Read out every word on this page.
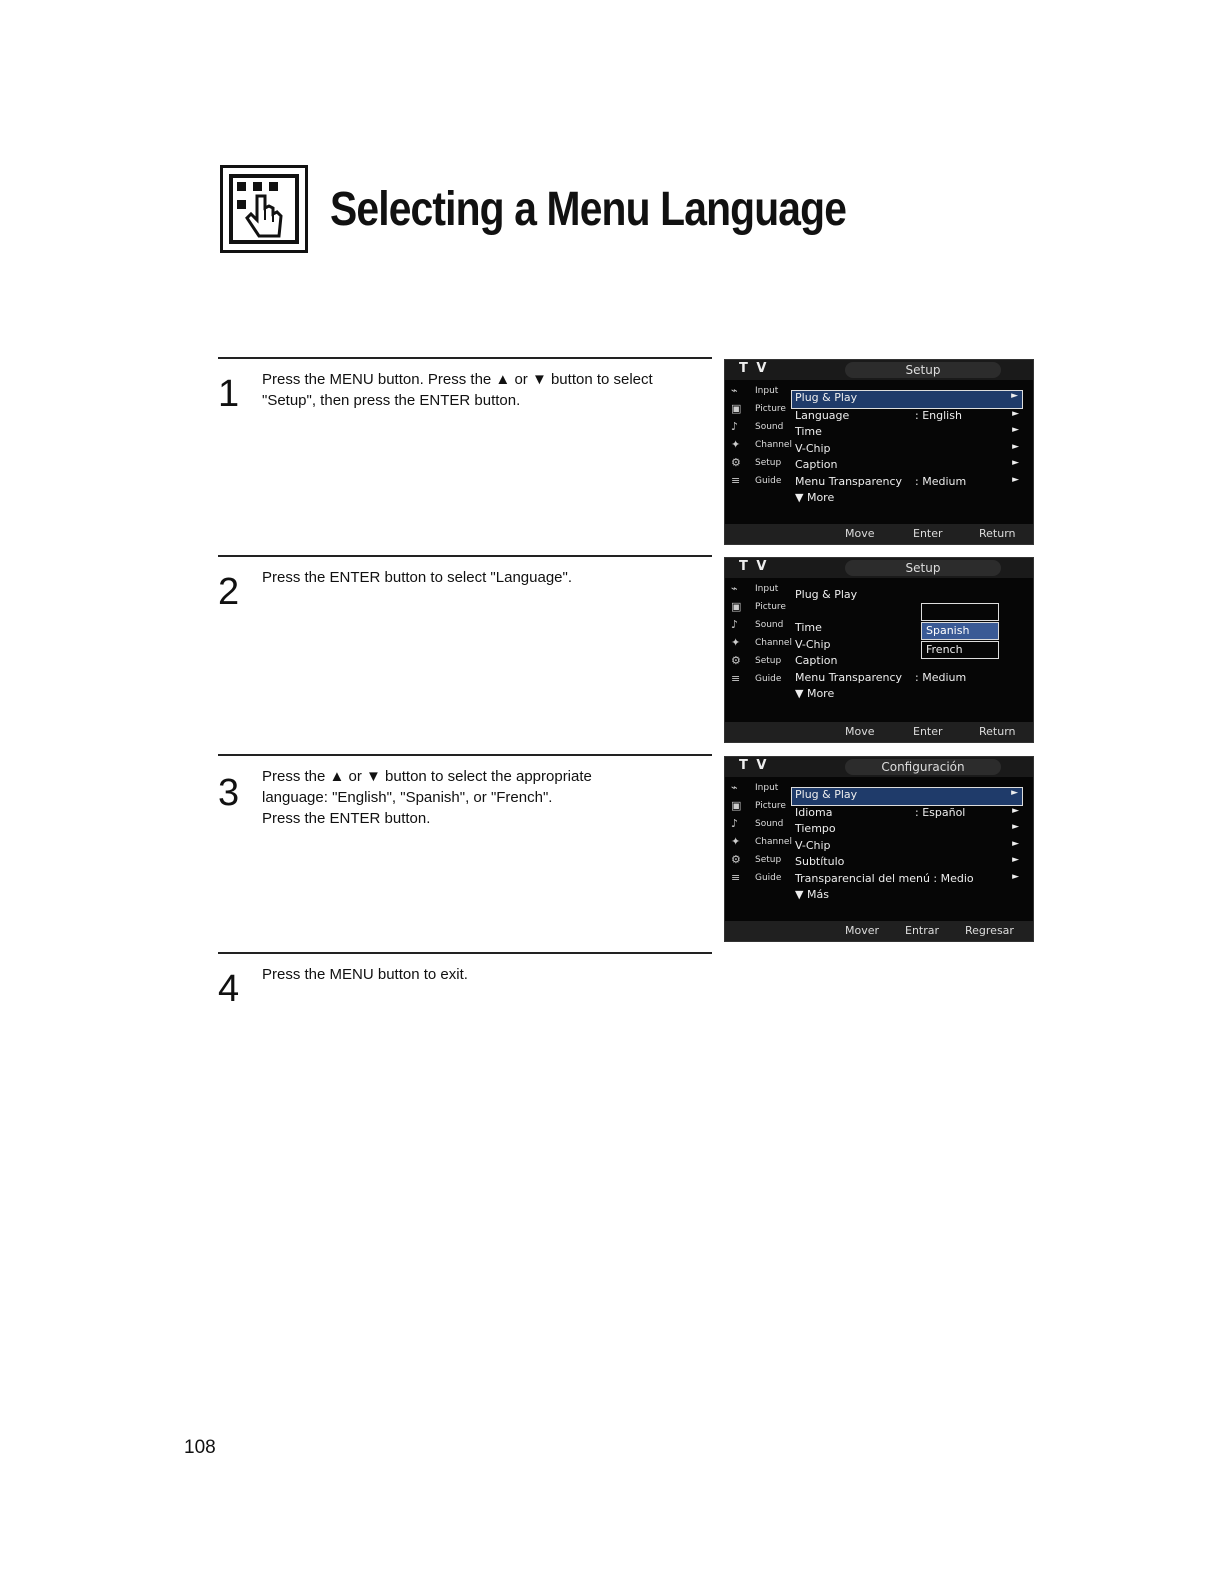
Selecting a Menu Language
1 Press the MENU button. Press the ▲ or ▼ button to select

"Setup", then press the ENTER button.

2 Press the ENTER button to select "Language".

3 Press the ▲ or ▼ button to select the appropriate

language: "English", "Spanish", or "French".

Press the ENTER button.

4 Press the MENU button to exit.

T V	Setup
⌁	Input
▣	Picture
♪	Sound
✦	Channel
⚙	Setup
≡	Guide
Plug & Play	►
Language	: English	►
Time	►
V-Chip	►
Caption	►
Menu Transparency : Medium	►
▼ More
Move	Enter	Return
T V	Setup
⌁	Input
▣	Picture
♪	Sound
✦	Channel
⚙	Setup
≡	Guide
Plug & Play
Time
V-Chip
Caption
Menu Transparency : Medium
▼ More
Spanish
French
Move	Enter	Return
T V	Configuración
⌁	Input
▣	Picture
♪	Sound
✦	Channel
⚙	Setup
≡	Guide
Plug & Play	►
Idioma	: Español	►
Tiempo	►
V-Chip	►
Subtítulo	►
Transparencial del menú : Medio	►
▼ Más
Mover Entrar Regresar
108
